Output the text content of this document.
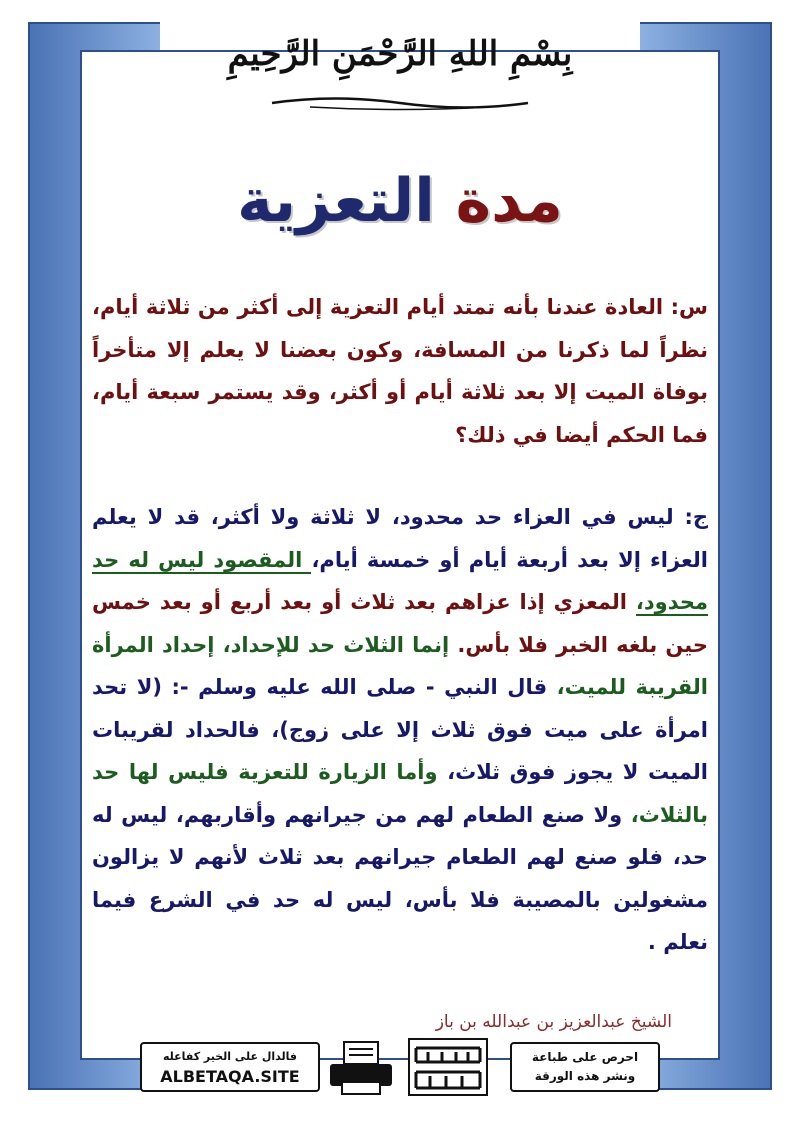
بِسْمِ اللهِ الرَّحْمَنِ الرَّحِيمِ
مدة التعزية
س: العادة عندنا بأنه تمتد أيام التعزية إلى أكثر من ثلاثة أيام، نظراً لما ذكرنا من المسافة، وكون بعضنا لا يعلم إلا متأخراً بوفاة الميت إلا بعد ثلاثة أيام أو أكثر، وقد يستمر سبعة أيام، فما الحكم أيضا في ذلك؟
ج: ليس في العزاء حد محدود، لا ثلاثة ولا أكثر، قد لا يعلم العزاء إلا بعد أربعة أيام أو خمسة أيام، المقصود ليس له حد محدود، المعزي إذا عزاهم بعد ثلاث أو بعد أربع أو بعد خمس حين بلغه الخبر فلا بأس. إنما الثلاث حد للإحداد، إحداد المرأة القريبة للميت، قال النبي - صلى الله عليه وسلم -: (لا تحد امرأة على ميت فوق ثلاث إلا على زوج)، فالحداد لقريبات الميت لا يجوز فوق ثلاث، وأما الزيارة للتعزية فليس لها حد بالثلاث، ولا صنع الطعام لهم من جيرانهم وأقاربهم، ليس له حد، فلو صنع لهم الطعام جيرانهم بعد ثلاث لأنهم لا يزالون مشغولين بالمصيبة فلا بأس، ليس له حد في الشرع فيما نعلم .
الشيخ عبدالعزيز بن عبدالله بن باز
فالدال على الخير كفاعله
ALBETAQA.SITE
احرص على طباعة
ونشر هذه الورقة
